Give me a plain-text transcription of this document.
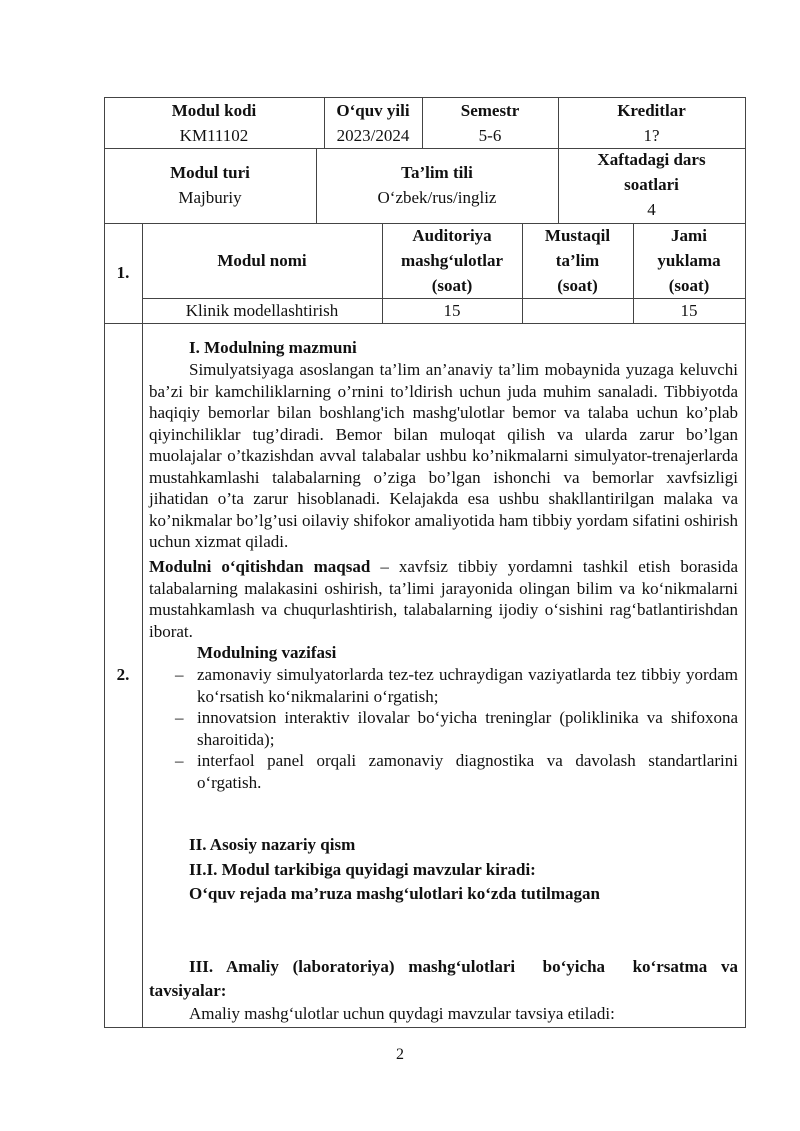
Modul kodi
KM11102
O‘quv yili
2023/2024
Semestr
5-6
Kreditlar
1?
Modul turi
Majburiy
Ta’lim tili
O‘zbek/rus/ingliz
Xaftadagi dars
soatlari
4
1.
Modul nomi
Auditoriya
mashg‘ulotlar
(soat)
Mustaqil
ta’lim
(soat)
Jami
yuklama
(soat)
Klinik modellashtirish	15	15
2.
I. Modulning mazmuni
Simulyatsiyaga asoslangan ta’lim an’anaviy ta’lim mobaynida yuzaga keluvchi ba’zi bir kamchiliklarning o’rnini to’ldirish uchun juda muhim sanaladi. Tibbiyotda haqiqiy bemorlar bilan boshlang'ich mashg'ulotlar bemor va talaba uchun ko’plab qiyinchiliklar tug’diradi. Bemor bilan muloqat qilish va ularda zarur bo’lgan muolajalar o’tkazishdan avval talabalar ushbu ko’nikmalarni simulyator-trenajerlarda mustahkamlashi talabalarning o’ziga bo’lgan ishonchi va bemorlar xavfsizligi jihatidan o’ta zarur hisoblanadi. Kelajakda esa ushbu shakllantirilgan malaka va ko’nikmalar bo’lg’usi oilaviy shifokor amaliyotida ham tibbiy yordam sifatini oshirish uchun xizmat qiladi.
Modulni o‘qitishdan maqsad – xavfsiz tibbiy yordamni tashkil etish borasida talabalarning malakasini oshirish, ta’limi jarayonida olingan bilim va ko‘nikmalarni mustahkamlash va chuqurlashtirish, talabalarning ijodiy o‘sishini rag‘batlantirishdan iborat.
Modulning vazifasi
– zamonaviy simulyatorlarda tez-tez uchraydigan vaziyatlarda tez tibbiy yordam ko‘rsatish ko‘nikmalarini o‘rgatish;
– innovatsion interaktiv ilovalar bo‘yicha treninglar (poliklinika va shifoxona sharoitida);
– interfaol panel orqali zamonaviy diagnostika va davolash standartlarini o‘rgatish.
II. Asosiy nazariy qism
II.I. Modul tarkibiga quyidagi mavzular kiradi:
O‘quv rejada ma’ruza mashg‘ulotlari ko‘zda tutilmagan
III. Amaliy (laboratoriya) mashg‘ulotlari  bo‘yicha  ko‘rsatma va
tavsiyalar:
Amaliy mashg‘ulotlar uchun quydagi mavzular tavsiya etiladi:
2
